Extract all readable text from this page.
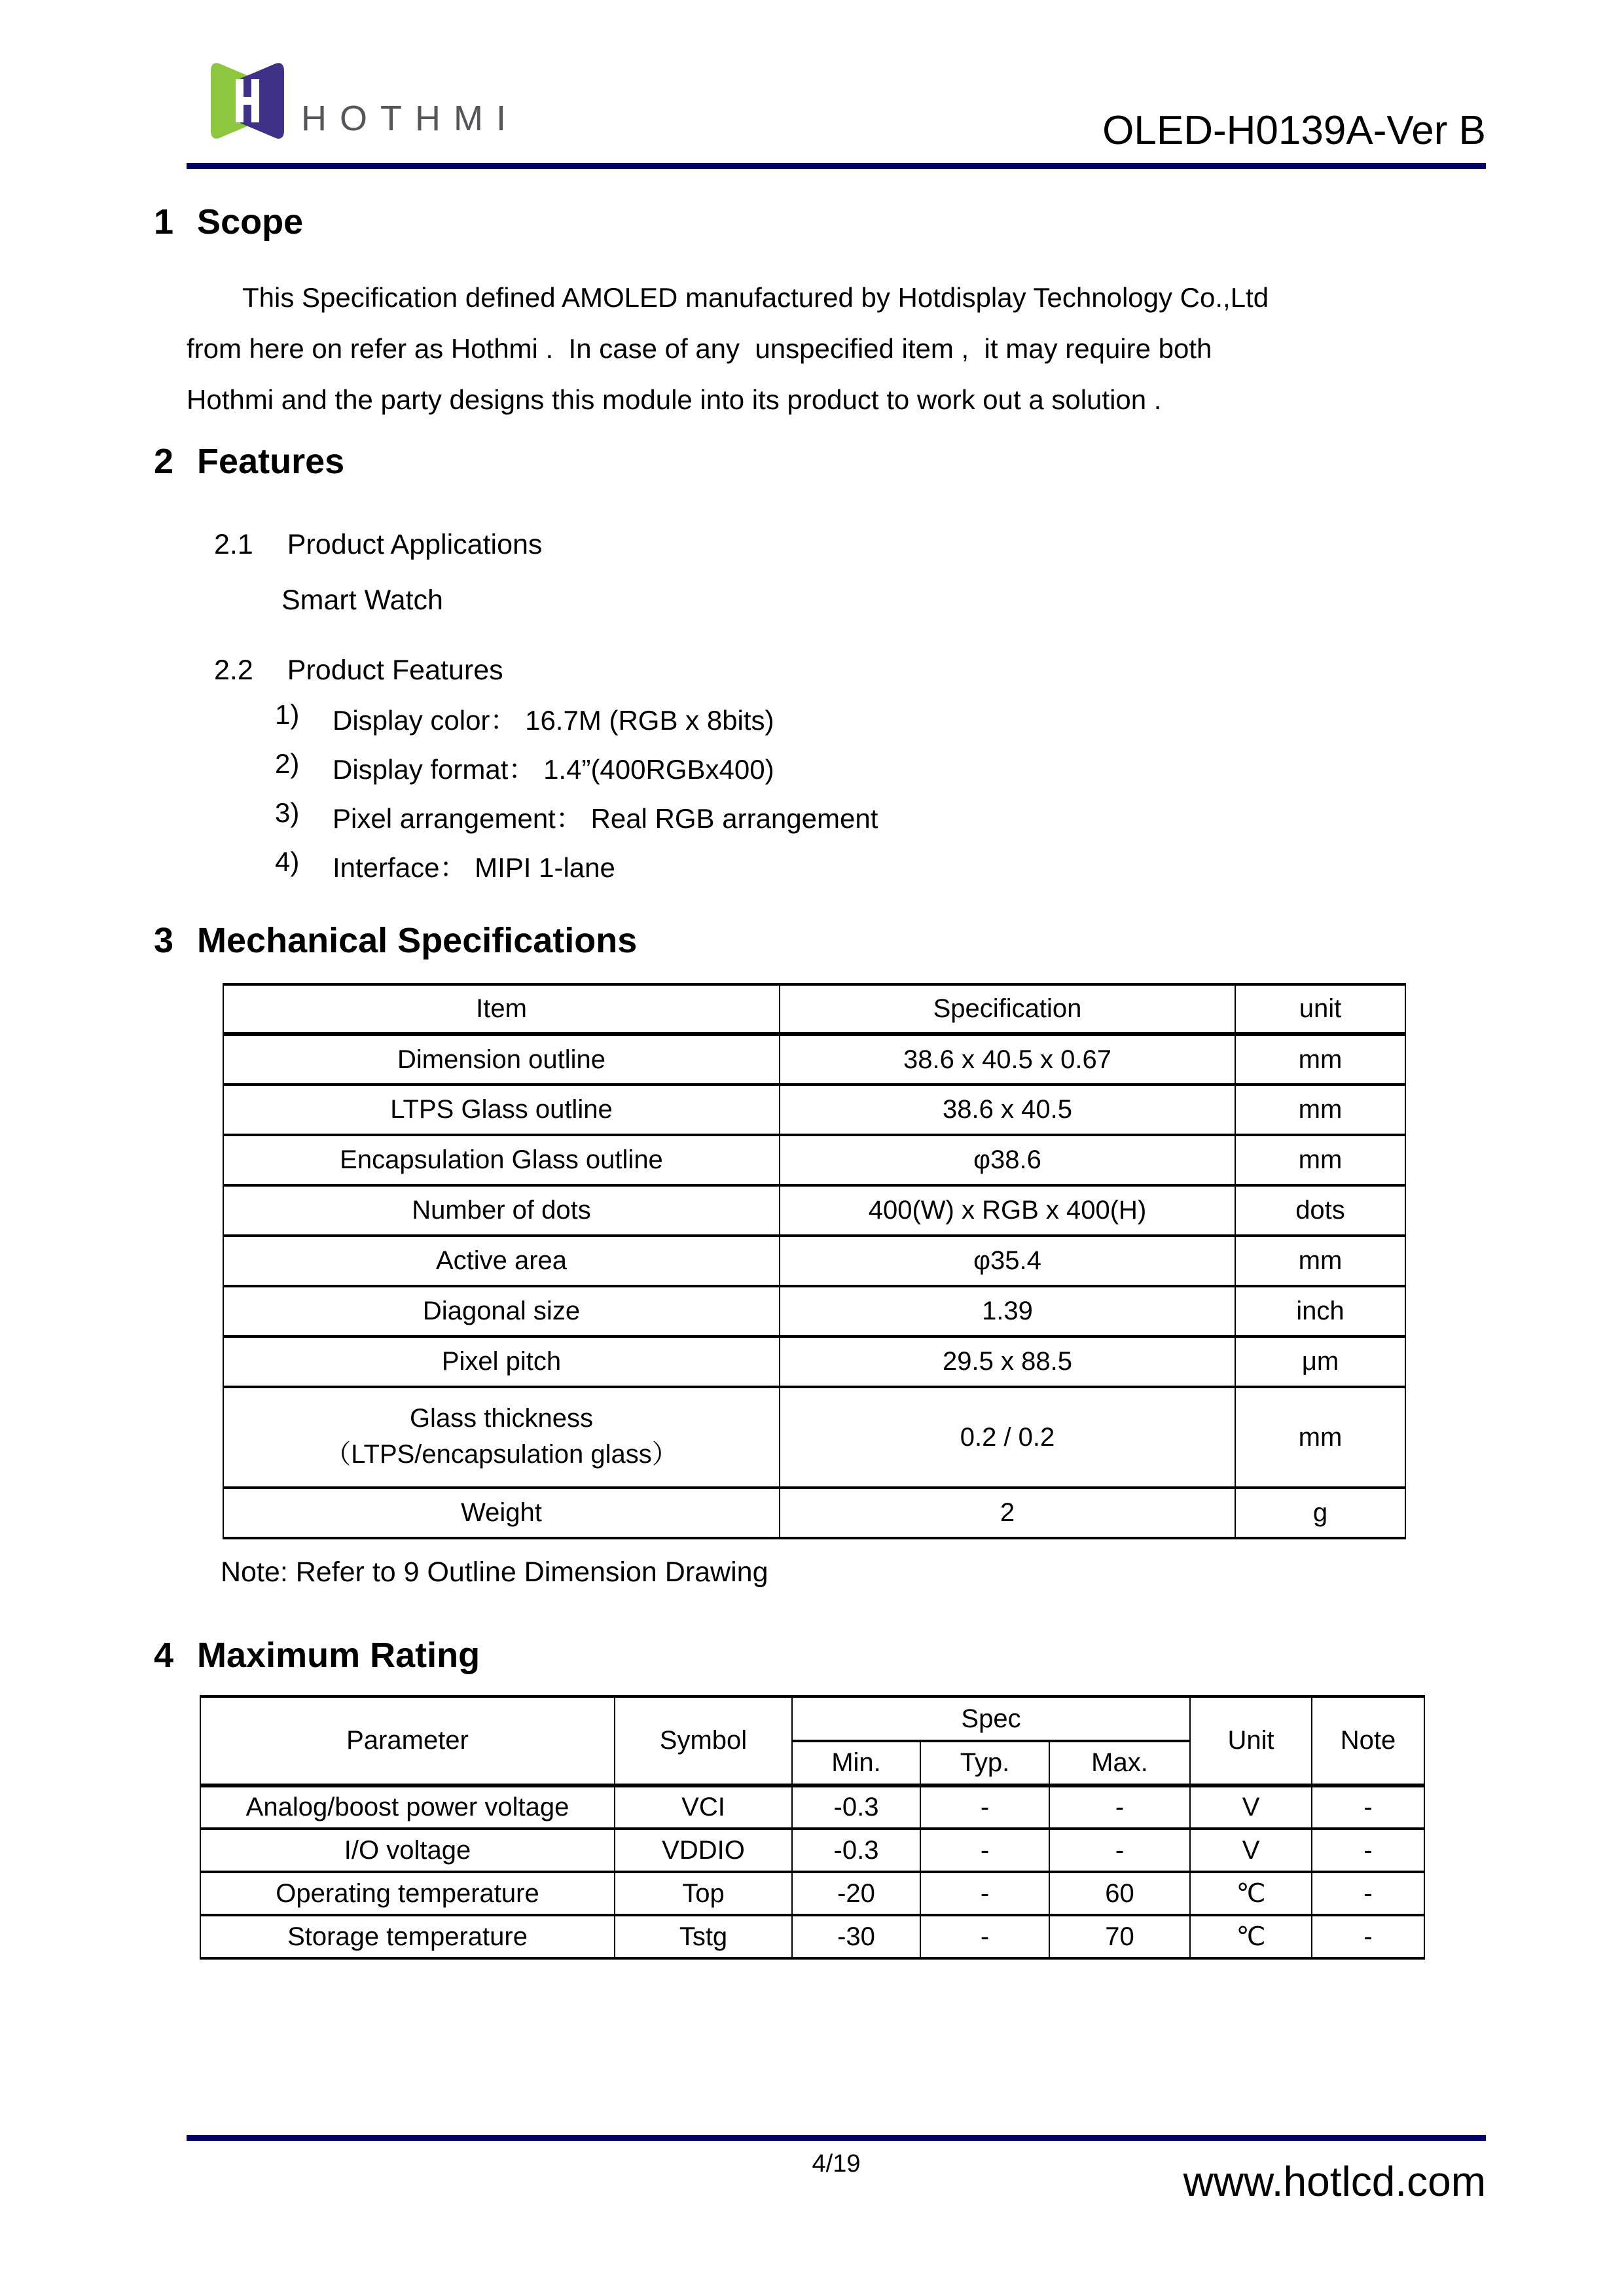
HOTHMI	OLED-H0139A-Ver B
1 Scope
This Specification defined AMOLED manufactured by Hotdisplay Technology Co.,Ltd
from here on refer as Hothmi .  In case of any  unspecified item ,  it may require both
Hothmi and the party designs this module into its product to work out a solution .
2 Features
2.1 Product Applications
Smart Watch
2.2 Product Features
1)	Display color： 16.7M (RGB x 8bits)
2)	Display format： 1.4”(400RGBx400)
3)	Pixel arrangement： Real RGB arrangement
4)	Interface： MIPI 1-lane
3 Mechanical Specifications
Item	Specification	unit
Dimension outline	38.6 x 40.5 x 0.67	mm
LTPS Glass outline	38.6 x 40.5	mm
Encapsulation Glass outline	φ38.6	mm
Number of dots	400(W) x RGB x 400(H)	dots
Active area	φ35.4	mm
Diagonal size	1.39	inch
Pixel pitch	29.5 x 88.5	μm

Glass thickness
（LTPS/encapsulation glass）	0.2 / 0.2	mm
Weight	2	g
Note: Refer to 9 Outline Dimension Drawing
4 Maximum Rating
Parameter	Symbol	Spec			Unit	Note
		Min.	Typ.	Max.		
Analog/boost power voltage	VCI	-0.3	-	-	V	-
I/O voltage	VDDIO	-0.3	-	-	V	-
Operating temperature	Top	-20	-	60	℃	-
Storage temperature	Tstg	-30	-	70	℃	-
4/19	www.hotlcd.com
